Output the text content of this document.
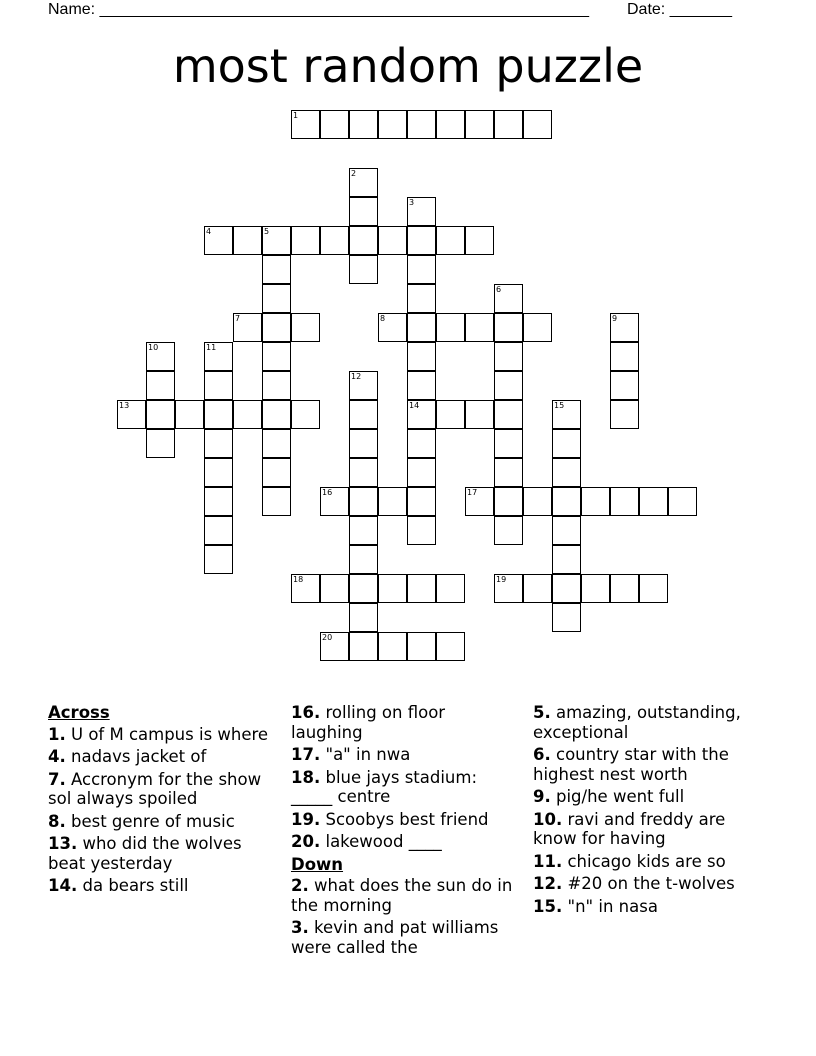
Name: _______________________________________________________ Date: _______
most random puzzle
1
2
3
14
4	5
6
7	8	9
10	11
12
13	15
16	17
18	19
20
Across
1. U of M campus is where
4. nadavs jacket of
7. Accronym for the show sol always spoiled
8. best genre of music
13. who did the wolves beat yesterday
14. da bears still
16. rolling on floor laughing
17. "a" in nwa
18. blue jays stadium: _____ centre
19. Scoobys best friend
20. lakewood ____
Down
2. what does the sun do in the morning
3. kevin and pat williams were called the
5. amazing, outstanding, exceptional
6. country star with the highest nest worth
9. pig/he went full
10. ravi and freddy are know for having
11. chicago kids are so
12. #20 on the t-wolves
15. "n" in nasa
